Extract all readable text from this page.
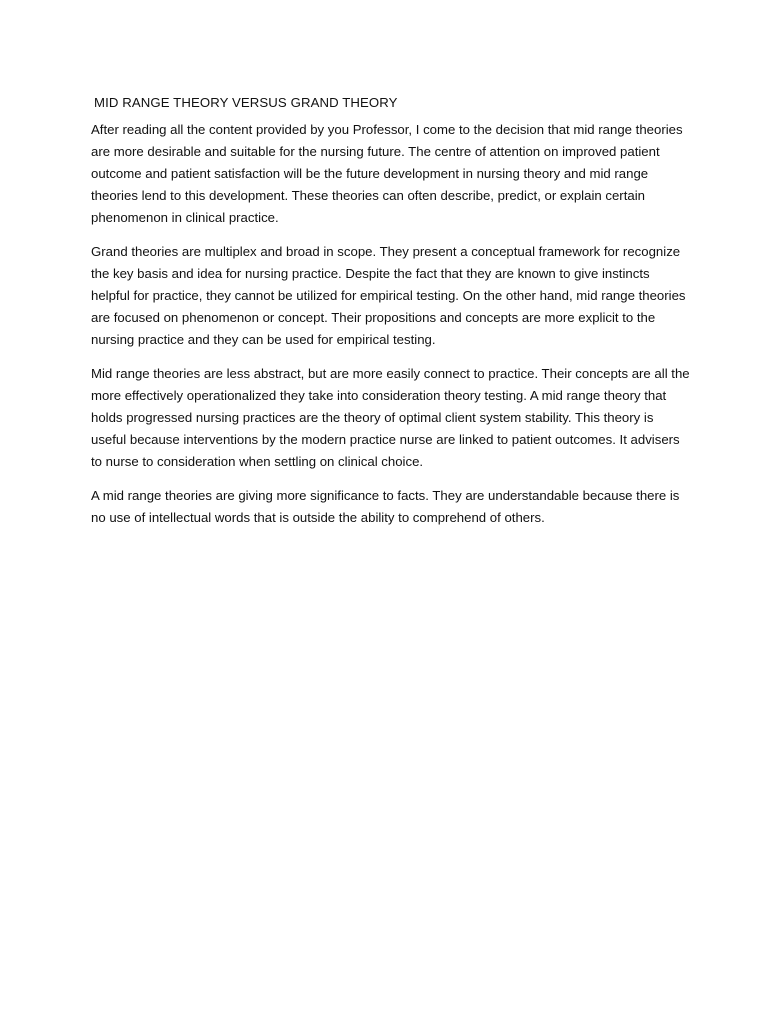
MID RANGE THEORY VERSUS GRAND THEORY

After reading all the content provided by you Professor, I come to the decision that mid range theories are more desirable and suitable for the nursing future. The centre of attention on improved patient outcome and patient satisfaction will be the future development in nursing theory and mid range theories lend to this development. These theories can often describe, predict, or explain certain phenomenon in clinical practice.

Grand theories are multiplex and broad in scope. They present a conceptual framework for recognize the key basis and idea for nursing practice. Despite the fact that they are known to give instincts helpful for practice, they cannot be utilized for empirical testing. On the other hand, mid range theories are focused on phenomenon or concept. Their propositions and concepts are more explicit to the nursing practice and they can be used for empirical testing.

Mid range theories are less abstract, but are more easily connect to practice. Their concepts are all the more effectively operationalized they take into consideration theory testing. A mid range theory that holds progressed nursing practices are the theory of optimal client system stability. This theory is useful because interventions by the modern practice nurse are linked to patient outcomes. It advisers to nurse to consideration when settling on clinical choice.

A mid range theories are giving more significance to facts. They are understandable because there is no use of intellectual words that is outside the ability to comprehend of others.
